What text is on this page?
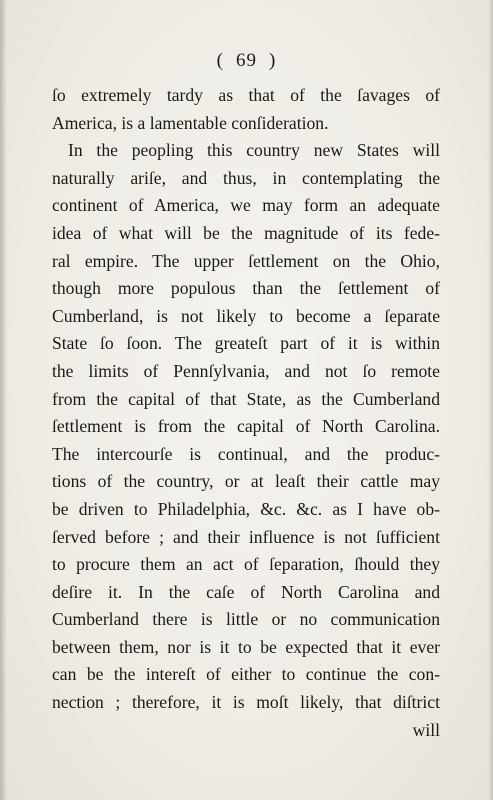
( 69 )
ſo extremely tardy as that of the ſavages of
America, is a lamentable conſideration.
In the peopling this country new States will
naturally ariſe, and thus, in contemplating the
continent of America, we may form an adequate
idea of what will be the magnitude of its fede-
ral empire. The upper ſettlement on the Ohio,
though more populous than the ſettlement of
Cumberland, is not likely to become a ſeparate
State ſo ſoon. The greateſt part of it is within
the limits of Pennſylvania, and not ſo remote
from the capital of that State, as the Cumberland
ſettlement is from the capital of North Carolina.
The intercourſe is continual, and the produc-
tions of the country, or at leaſt their cattle may
be driven to Philadelphia, &c. &c. as I have ob-
ſerved before ; and their influence is not ſufficient
to procure them an act of ſeparation, ſhould they
deſire it. In the caſe of North Carolina and
Cumberland there is little or no communication
between them, nor is it to be expected that it ever
can be the intereſt of either to continue the con-
nection ; therefore, it is moſt likely, that diſtrict
will
